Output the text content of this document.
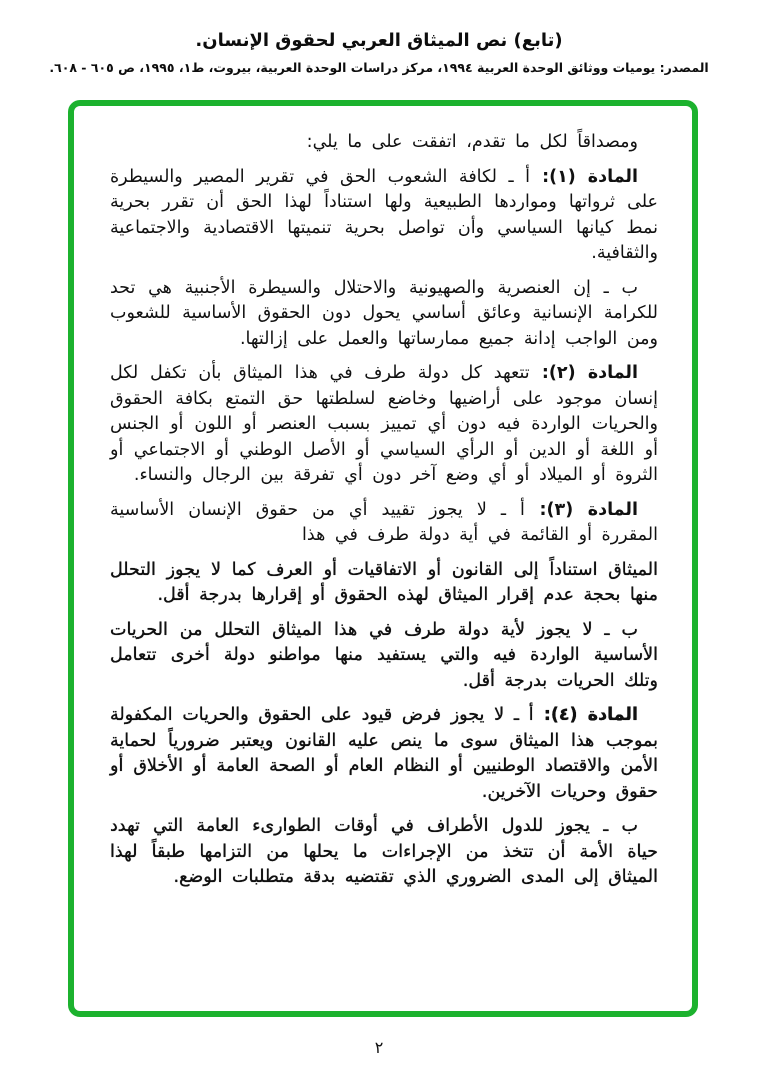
(تابع) نص الميثاق العربي لحقوق الإنسان.
المصدر: يوميات ووثائق الوحدة العربية ١٩٩٤، مركز دراسات الوحدة العربية، بيروت، ط١، ١٩٩٥، ص ٦٠٥ - ٦٠٨.

ومصداقاً لكل ما تقدم، اتفقت على ما يلي:

المادة (١): أ ـ لكافة الشعوب الحق في تقرير المصير والسيطرة على ثرواتها ومواردها الطبيعية ولها استناداً لهذا الحق أن تقرر بحرية نمط كيانها السياسي وأن تواصل بحرية تنميتها الاقتصادية والاجتماعية والثقافية.

ب ـ إن العنصرية والصهيونية والاحتلال والسيطرة الأجنبية هي تحد للكرامة الإنسانية وعائق أساسي يحول دون الحقوق الأساسية للشعوب ومن الواجب إدانة جميع ممارساتها والعمل على إزالتها.

المادة (٢): تتعهد كل دولة طرف في هذا الميثاق بأن تكفل لكل إنسان موجود على أراضيها وخاضع لسلطتها حق التمتع بكافة الحقوق والحريات الواردة فيه دون أي تمييز بسبب العنصر أو اللون أو الجنس أو اللغة أو الدين أو الرأي السياسي أو الأصل الوطني أو الاجتماعي أو الثروة أو الميلاد أو أي وضع آخر دون أي تفرقة بين الرجال والنساء.

المادة (٣): أ ـ لا يجوز تقييد أي من حقوق الإنسان الأساسية المقررة أو القائمة في أية دولة طرف في هذا

الميثاق استناداً إلى القانون أو الاتفاقيات أو العرف كما لا يجوز التحلل منها بحجة عدم إقرار الميثاق لهذه الحقوق أو إقرارها بدرجة أقل.

ب ـ لا يجوز لأية دولة طرف في هذا الميثاق التحلل من الحريات الأساسية الواردة فيه والتي يستفيد منها مواطنو دولة أخرى تتعامل وتلك الحريات بدرجة أقل.

المادة (٤): أ ـ لا يجوز فرض قيود على الحقوق والحريات المكفولة بموجب هذا الميثاق سوى ما ينص عليه القانون ويعتبر ضرورياً لحماية الأمن والاقتصاد الوطنيين أو النظام العام أو الصحة العامة أو الأخلاق أو حقوق وحريات الآخرين.

ب ـ يجوز للدول الأطراف في أوقات الطوارىء العامة التي تهدد حياة الأمة أن تتخذ من الإجراءات ما يحلها من التزامها طبقاً لهذا الميثاق إلى المدى الضروري الذي تقتضيه بدقة متطلبات الوضع.

٢
